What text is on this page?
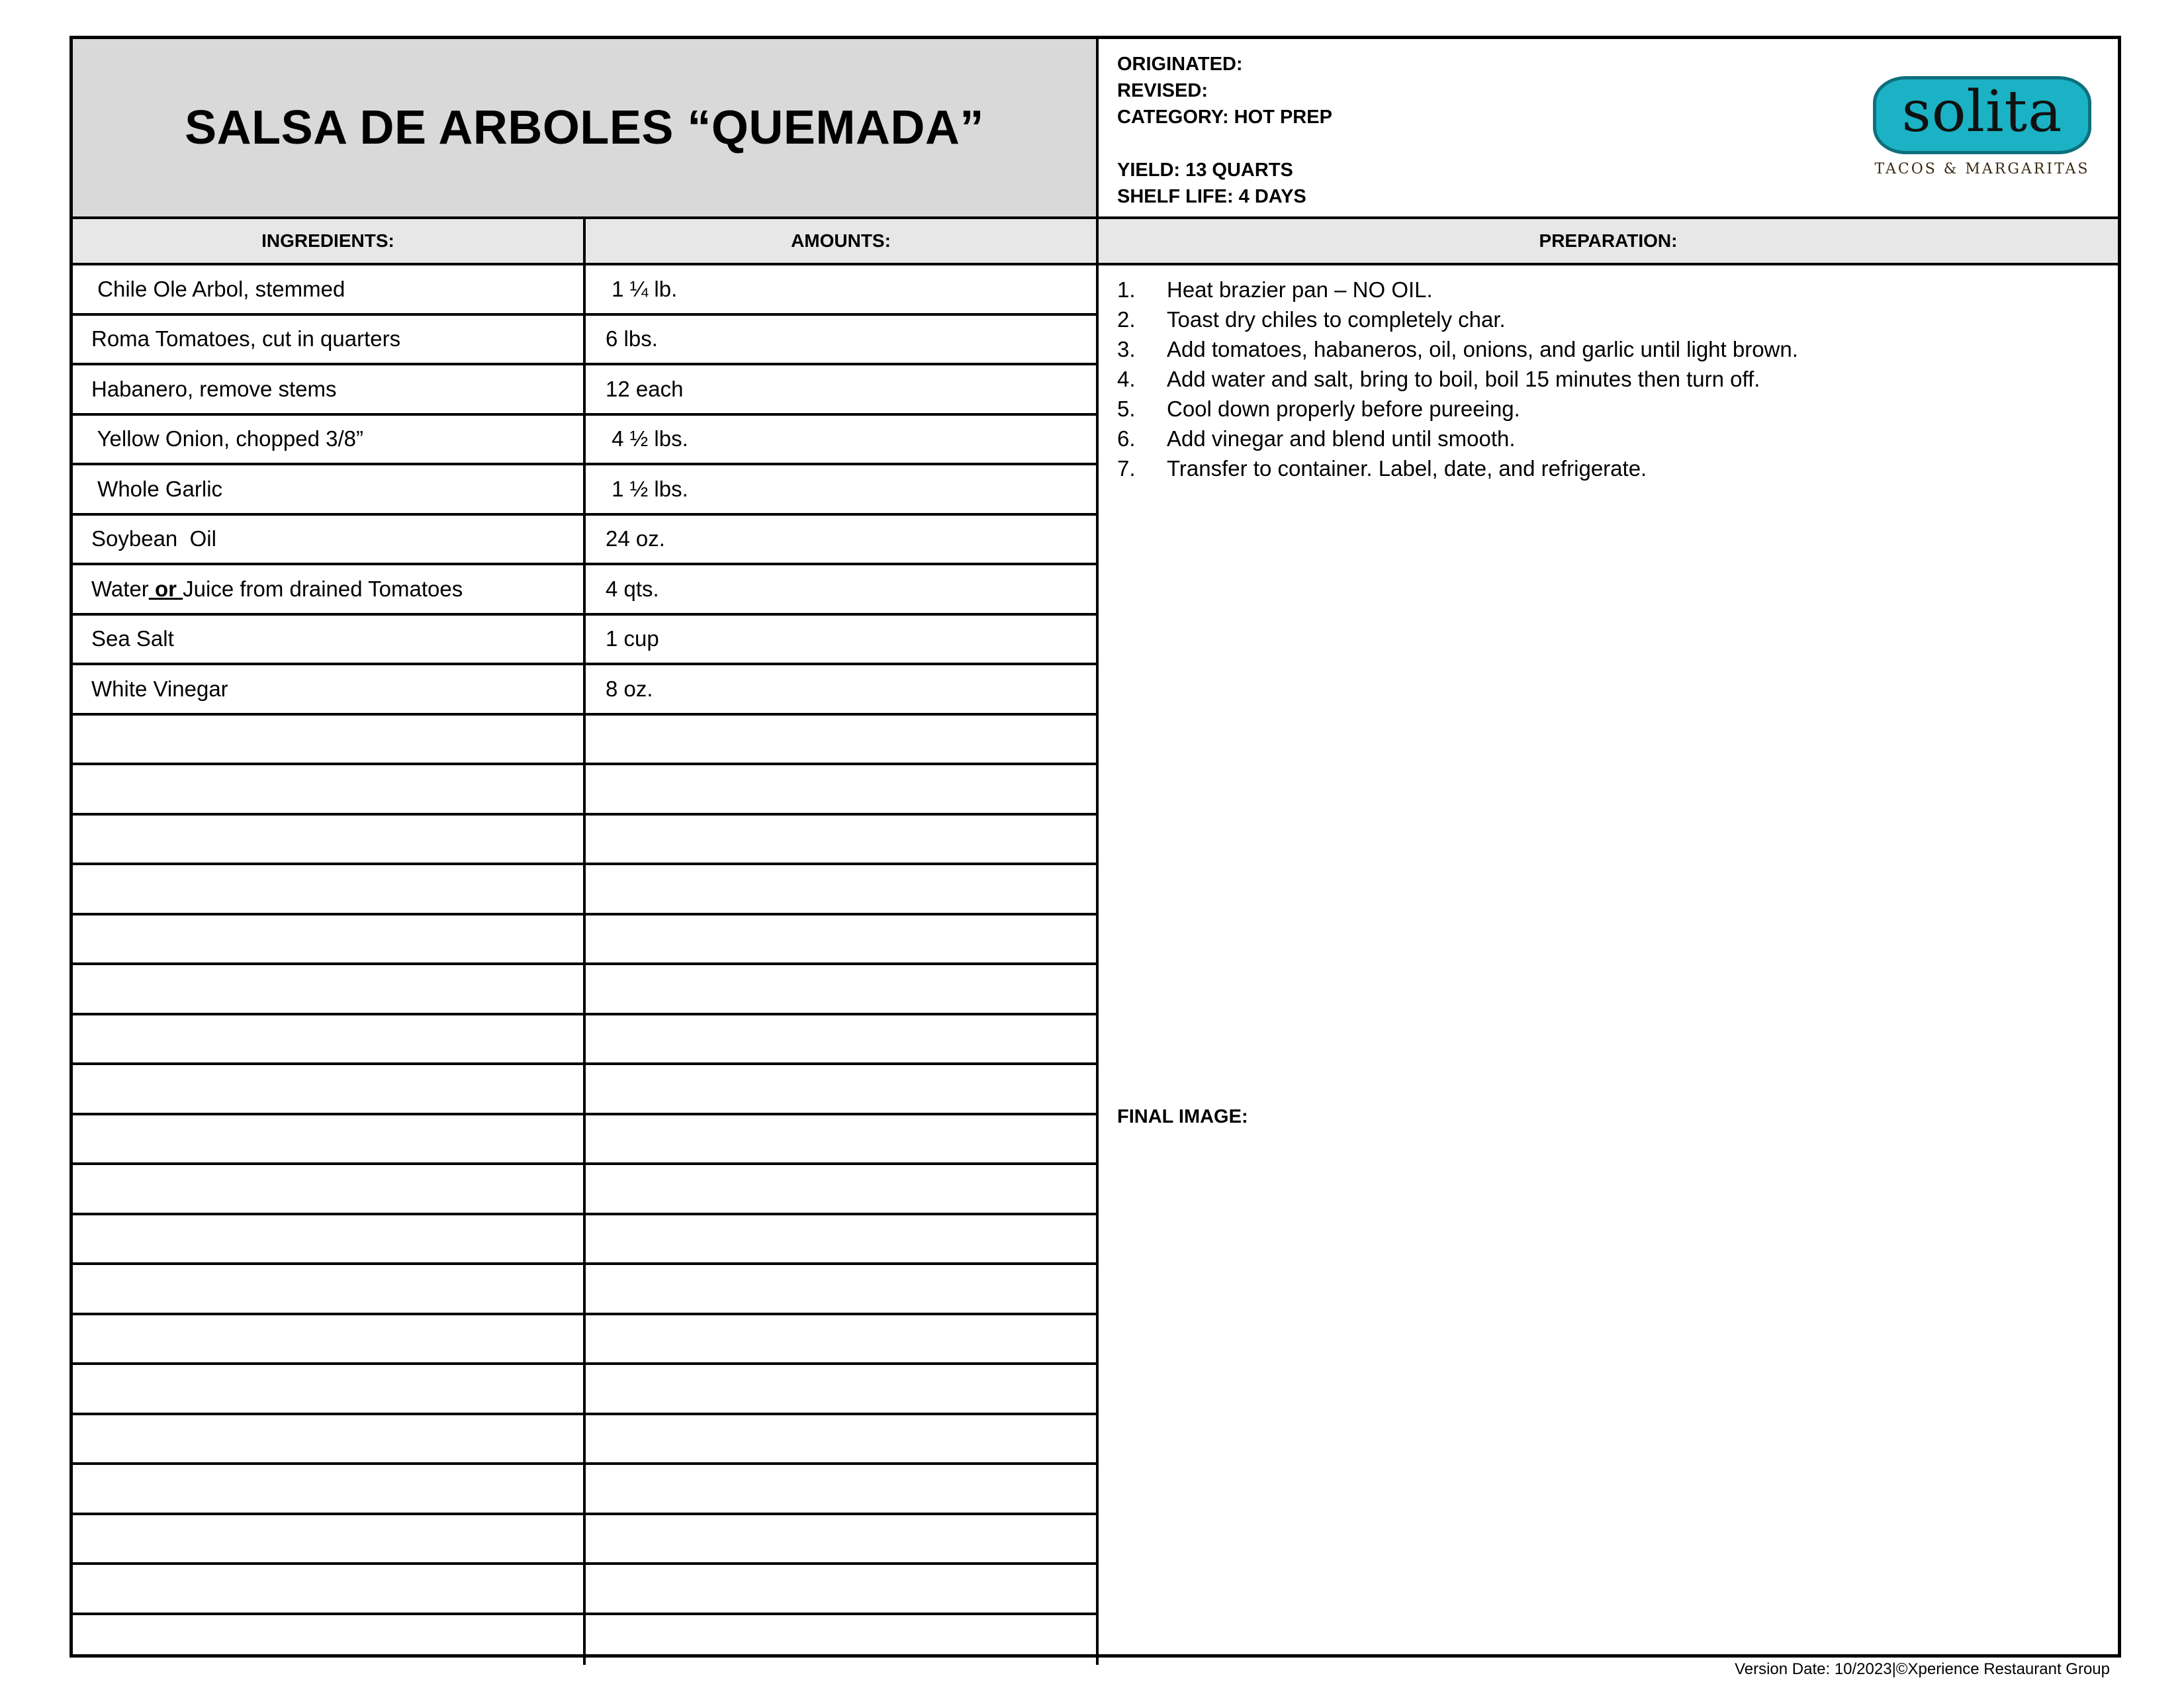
SALSA DE ARBOLES “QUEMADA”
ORIGINATED:
REVISED:
CATEGORY: HOT PREP
YIELD: 13 QUARTS
SHELF LIFE: 4 DAYS
solita
TACOS & MARGARITAS
INGREDIENTS:	AMOUNTS:	PREPARATION:
Chile Ole Arbol, stemmed	1 ¼ lb.
Roma Tomatoes, cut in quarters	6 lbs.
Habanero, remove stems	12 each
Yellow Onion, chopped 3/8”	4 ½ lbs.
Whole Garlic	1 ½ lbs.
Soybean  Oil	24 oz.
Water or Juice from drained Tomatoes	4 qts.
Sea Salt	1 cup
White Vinegar	8 oz.
1.	Heat brazier pan – NO OIL.
2.	Toast dry chiles to completely char.
3.	Add tomatoes, habaneros, oil, onions, and garlic until light brown.
4.	Add water and salt, bring to boil, boil 15 minutes then turn off.
5.	Cool down properly before pureeing.
6.	Add vinegar and blend until smooth.
7.	Transfer to container. Label, date, and refrigerate.
FINAL IMAGE:
Version Date: 10/2023|©Xperience Restaurant Group
